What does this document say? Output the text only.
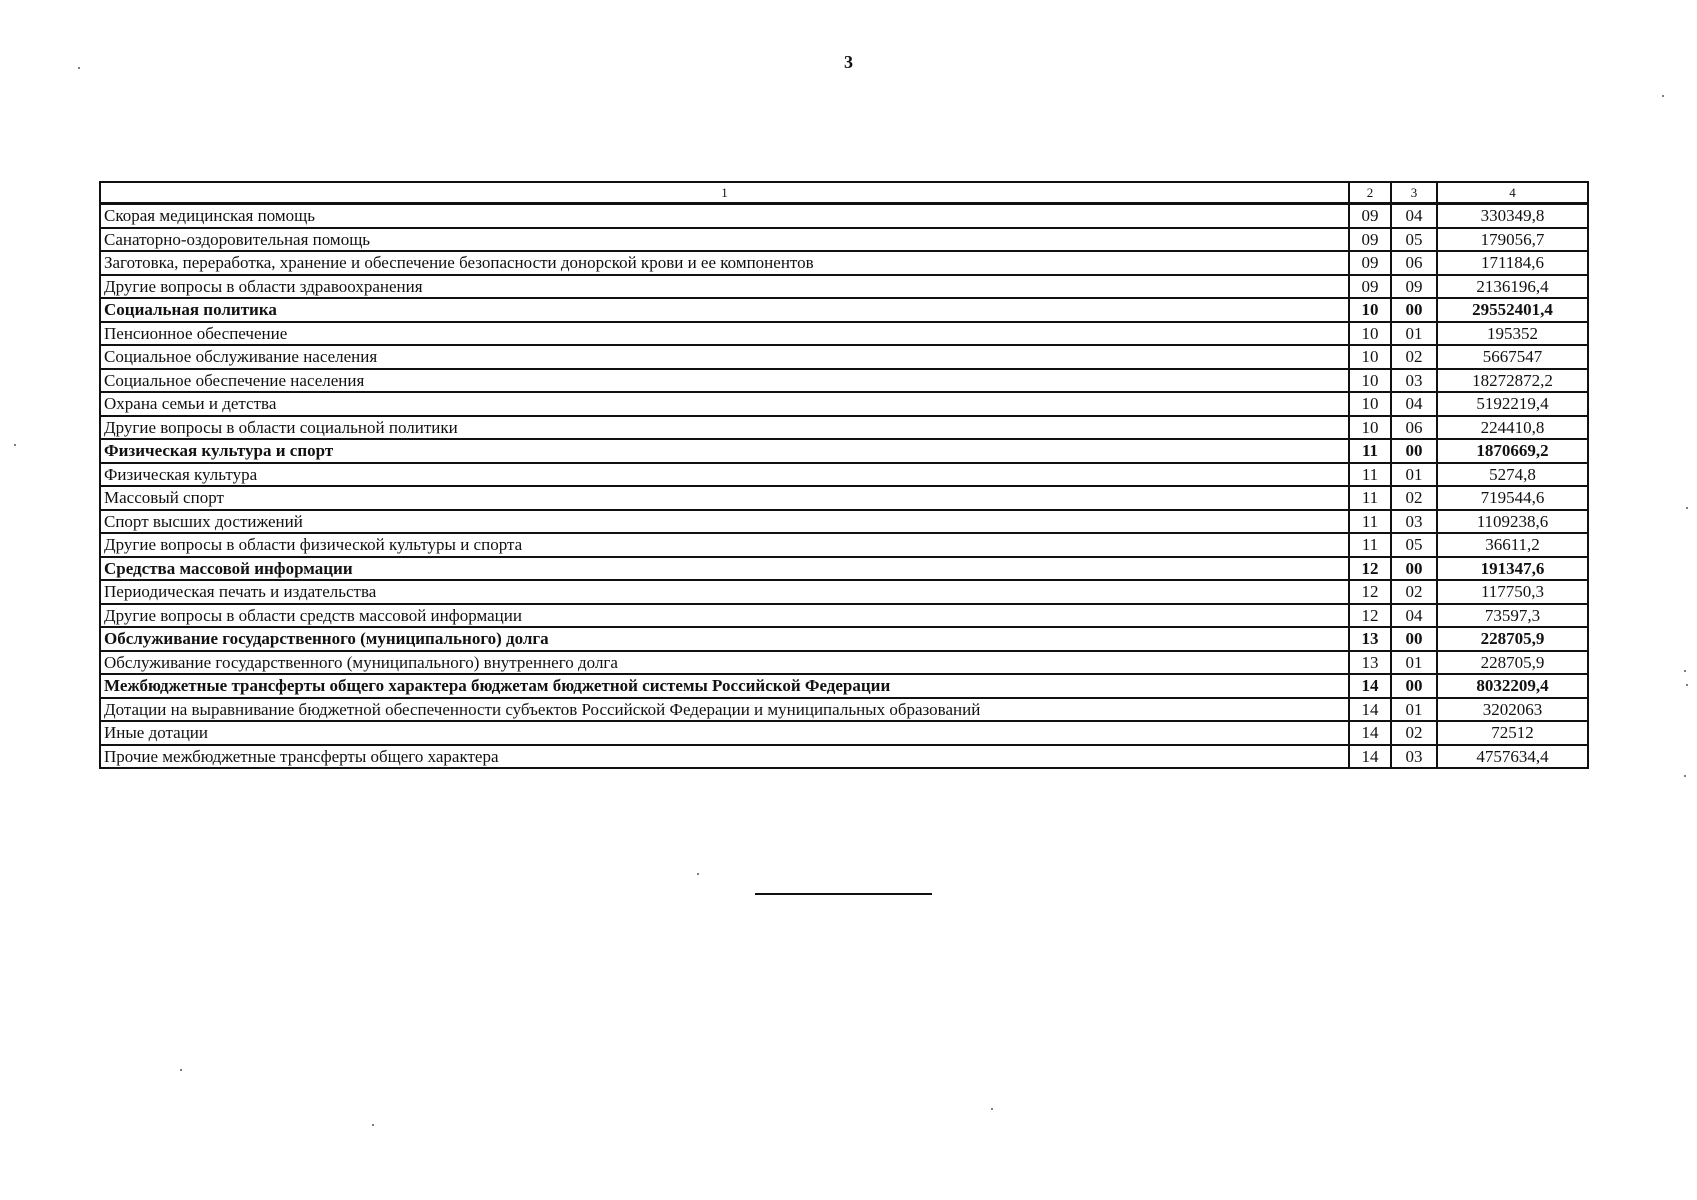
3
1	2	3	4
Скорая медицинская помощь	09	04	330349,8
Санаторно-оздоровительная помощь	09	05	179056,7
Заготовка, переработка, хранение и обеспечение безопасности донорской крови и ее компонентов	09	06	171184,6
Другие вопросы в области здравоохранения	09	09	2136196,4
Социальная политика	10	00	29552401,4
Пенсионное обеспечение	10	01	195352
Социальное обслуживание населения	10	02	5667547
Социальное обеспечение населения	10	03	18272872,2
Охрана семьи и детства	10	04	5192219,4
Другие вопросы в области социальной политики	10	06	224410,8
Физическая культура и спорт	11	00	1870669,2
Физическая культура	11	01	5274,8
Массовый спорт	11	02	719544,6
Спорт высших достижений	11	03	1109238,6
Другие вопросы в области физической культуры и спорта	11	05	36611,2
Средства массовой информации	12	00	191347,6
Периодическая печать и издательства	12	02	117750,3
Другие вопросы в области средств массовой информации	12	04	73597,3
Обслуживание государственного (муниципального) долга	13	00	228705,9
Обслуживание государственного (муниципального) внутреннего долга	13	01	228705,9
Межбюджетные трансферты общего характера бюджетам бюджетной системы Российской Федерации	14	00	8032209,4
Дотации на выравнивание бюджетной обеспеченности субъектов Российской Федерации и муниципальных образований	14	01	3202063
Иные дотации	14	02	72512
Прочие межбюджетные трансферты общего характера	14	03	4757634,4
